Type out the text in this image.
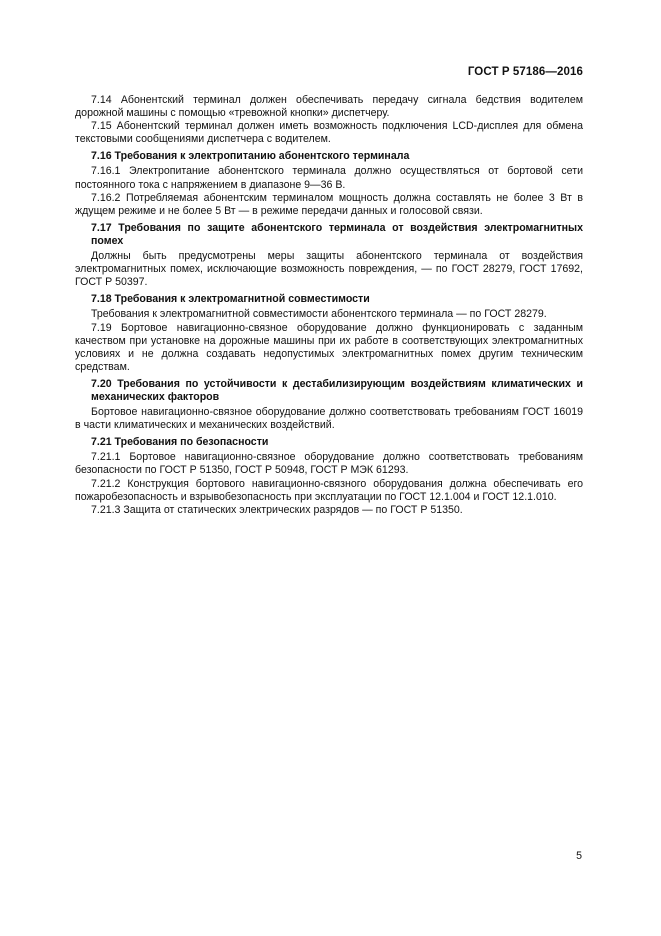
ГОСТ Р 57186—2016

7.14 Абонентский терминал должен обеспечивать передачу сигнала бедствия водителем дорожной машины с помощью «тревожной кнопки» диспетчеру.

7.15 Абонентский терминал должен иметь возможность подключения LCD-дисплея для обмена текстовыми сообщениями диспетчера с водителем.

7.16 Требования к электропитанию абонентского терминала

7.16.1 Электропитание абонентского терминала должно осуществляться от бортовой сети постоянного тока с напряжением в диапазоне 9—36 В.

7.16.2 Потребляемая абонентским терминалом мощность должна составлять не более 3 Вт в ждущем режиме и не более 5 Вт — в режиме передачи данных и голосовой связи.

7.17 Требования по защите абонентского терминала от воздействия электромагнитных помех

Должны быть предусмотрены меры защиты абонентского терминала от воздействия электромагнитных помех, исключающие возможность повреждения, — по ГОСТ 28279, ГОСТ 17692, ГОСТ Р 50397.

7.18 Требования к электромагнитной совместимости

Требования к электромагнитной совместимости абонентского терминала — по ГОСТ 28279.

7.19 Бортовое навигационно-связное оборудование должно функционировать с заданным качеством при установке на дорожные машины при их работе в соответствующих электромагнитных условиях и не должна создавать недопустимых электромагнитных помех другим техническим средствам.

7.20 Требования по устойчивости к дестабилизирующим воздействиям климатических и механических факторов

Бортовое навигационно-связное оборудование должно соответствовать требованиям ГОСТ 16019 в части климатических и механических воздействий.

7.21 Требования по безопасности

7.21.1 Бортовое навигационно-связное оборудование должно соответствовать требованиям безопасности по ГОСТ Р 51350, ГОСТ Р 50948, ГОСТ Р МЭК 61293.

7.21.2 Конструкция бортового навигационно-связного оборудования должна обеспечивать его пожаробезопасность и взрывобезопасность при эксплуатации по ГОСТ 12.1.004 и ГОСТ 12.1.010.

7.21.3 Защита от статических электрических разрядов — по ГОСТ Р 51350.

5
